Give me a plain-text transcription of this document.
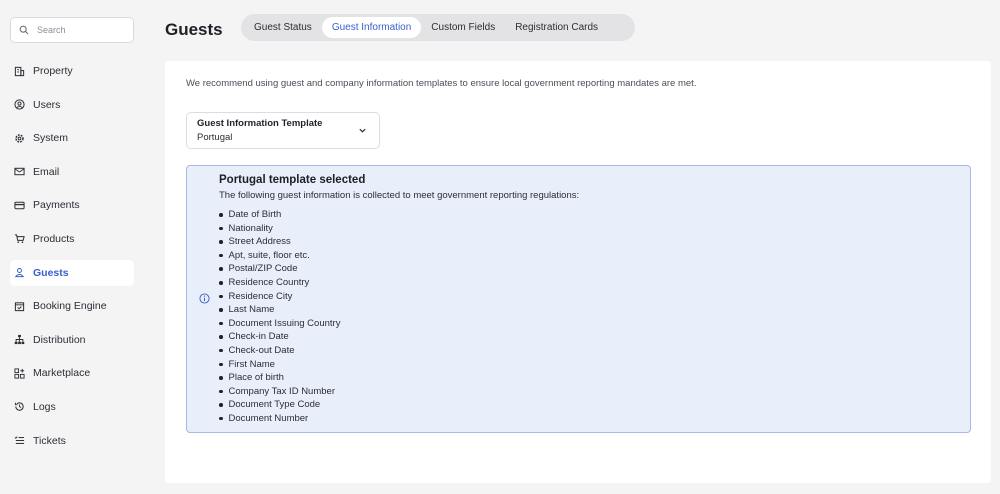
Search
Property
Users
System
Email
Payments
Products
Guests
Booking Engine
Distribution
Marketplace
Logs
Tickets
Guests	Guest Status	Guest Information	Custom Fields	Registration Cards
We recommend using guest and company information templates to ensure local government reporting mandates are met.
Guest Information Template
Portugal
Portugal template selected
The following guest information is collected to meet government reporting regulations:
Date of Birth
Nationality
Street Address
Apt, suite, floor etc.
Postal/ZIP Code
Residence Country
Residence City
Last Name
Document Issuing Country
Check-in Date
Check-out Date
First Name
Place of birth
Company Tax ID Number
Document Type Code
Document Number
